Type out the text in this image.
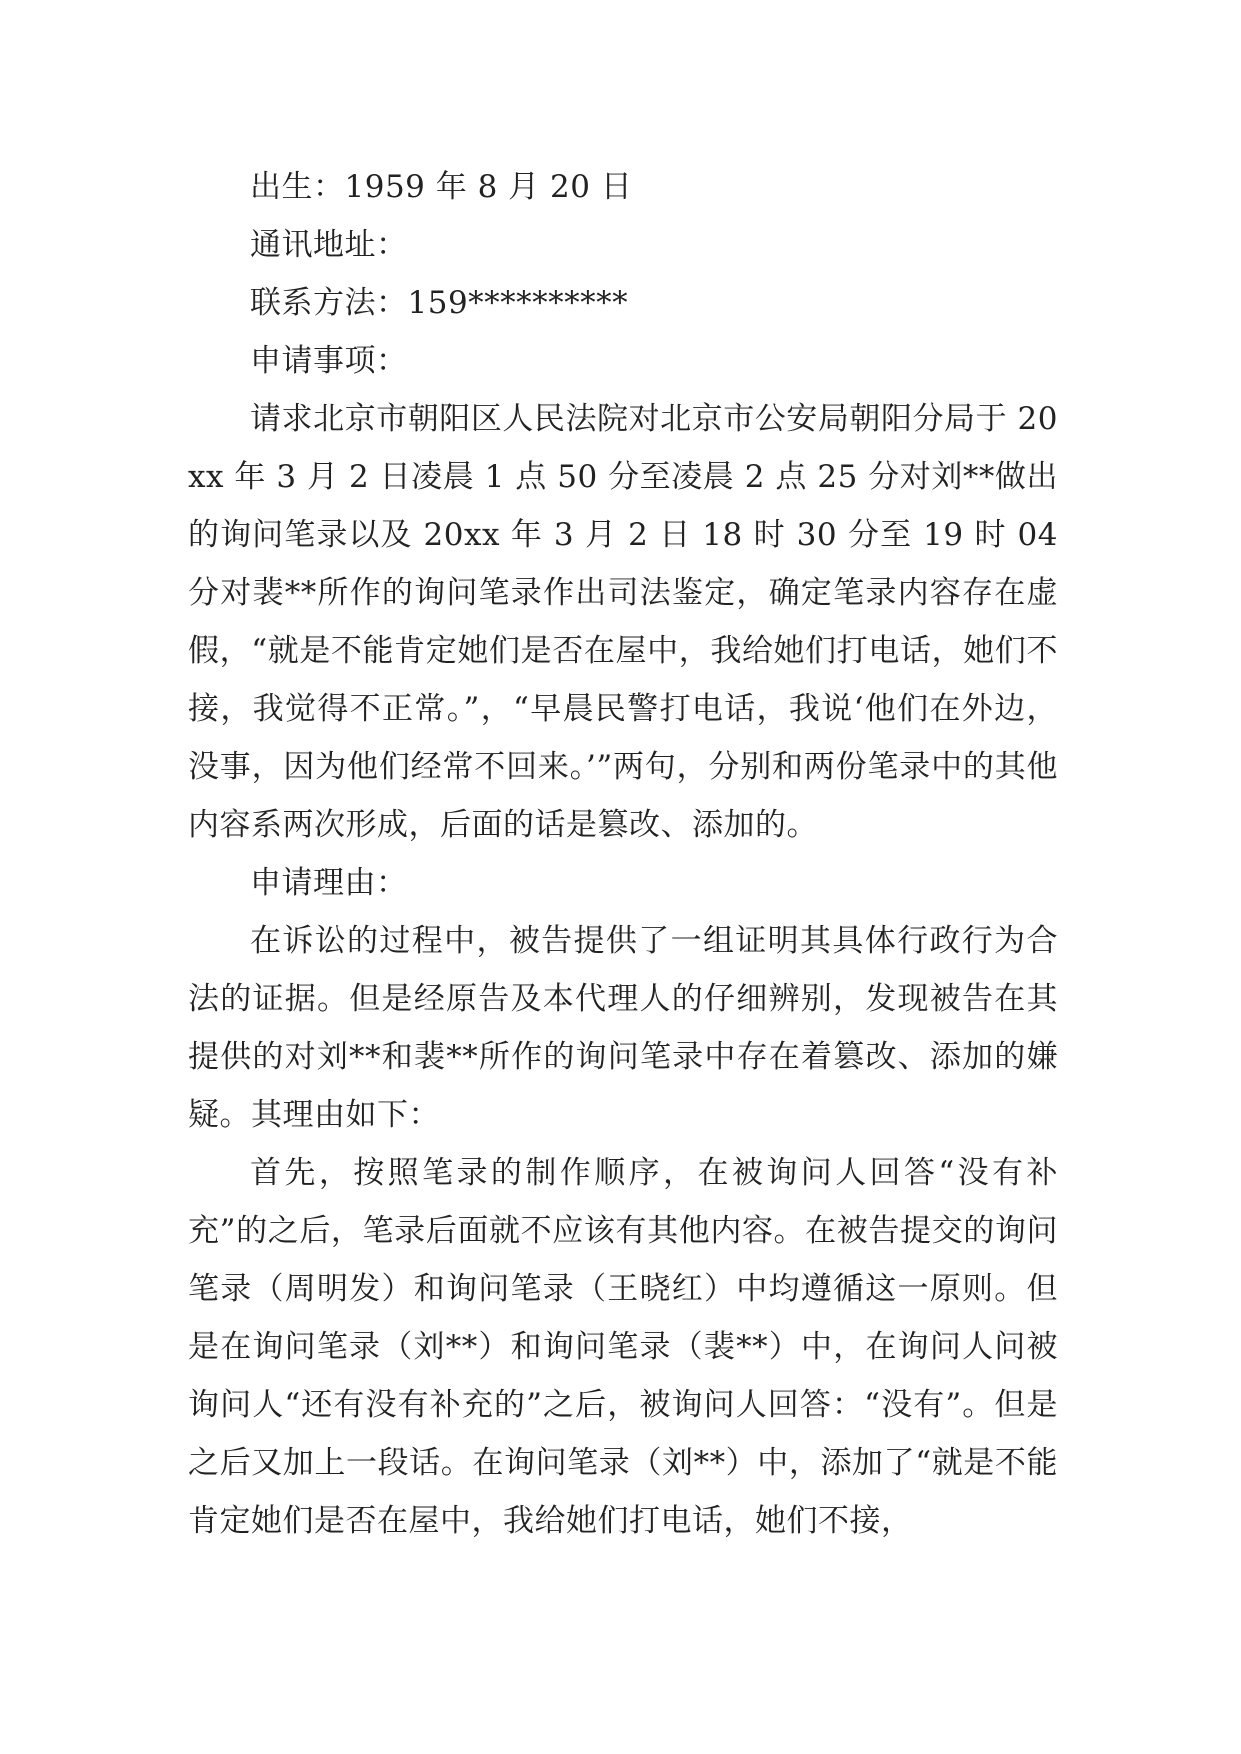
出生：1959 年 8 月 20 日

通讯地址：

联系方法：159**********

申请事项：

请求北京市朝阳区人民法院对北京市公安局朝阳分局于 20xx 年 3 月 2 日凌晨 1 点 50 分至凌晨 2 点 25 分对刘**做出的询问笔录以及 20xx 年 3 月 2 日 18 时 30 分至 19 时 04 分对裴**所作的询问笔录作出司法鉴定，确定笔录内容存在虚假，“就是不能肯定她们是否在屋中，我给她们打电话，她们不接，我觉得不正常。”，“早晨民警打电话，我说‘他们在外边，没事，因为他们经常不回来。’”两句，分别和两份笔录中的其他内容系两次形成，后面的话是篡改、添加的。

申请理由：

在诉讼的过程中，被告提供了一组证明其具体行政行为合法的证据。但是经原告及本代理人的仔细辨别，发现被告在其提供的对刘**和裴**所作的询问笔录中存在着篡改、添加的嫌疑。其理由如下：

首先，按照笔录的制作顺序，在被询问人回答“没有补充”的之后，笔录后面就不应该有其他内容。在被告提交的询问笔录（周明发）和询问笔录（王晓红）中均遵循这一原则。但是在询问笔录（刘**）和询问笔录（裴**）中，在询问人问被询问人“还有没有补充的”之后，被询问人回答：“没有”。但是之后又加上一段话。在询问笔录（刘**）中，添加了“就是不能肯定她们是否在屋中，我给她们打电话，她们不接，
